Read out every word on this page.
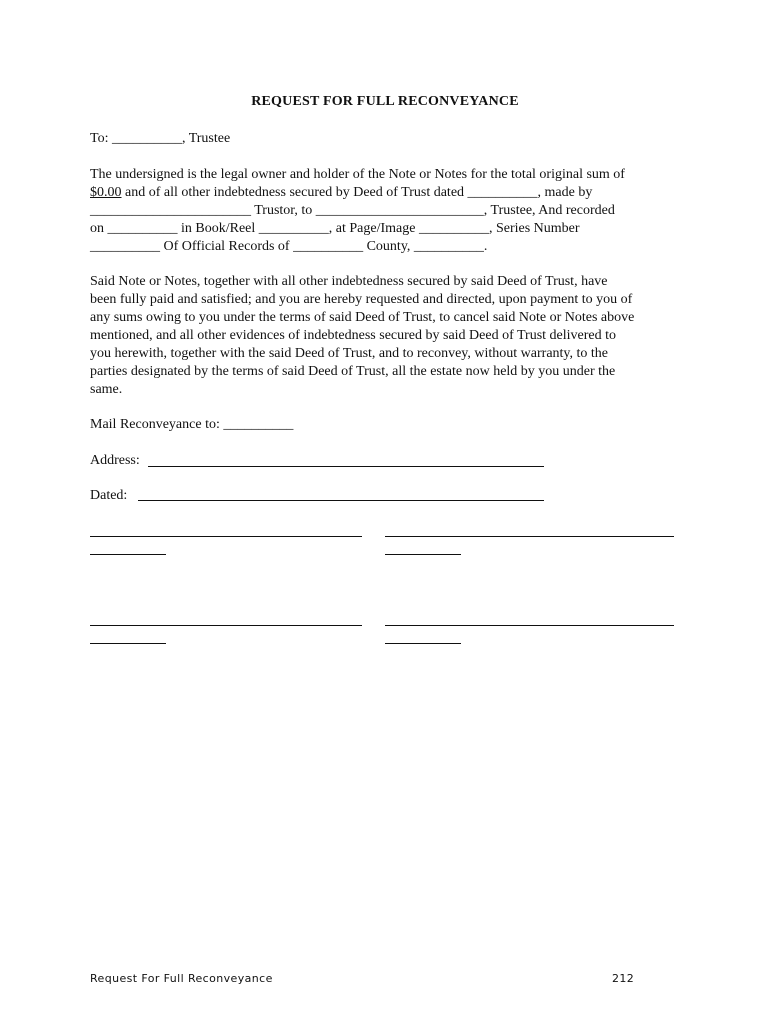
REQUEST FOR FULL RECONVEYANCE
To: __________, Trustee
The undersigned is the legal owner and holder of the Note or Notes for the total original sum of
$0.00 and of all other indebtedness secured by Deed of Trust dated __________, made by
_______________________ Trustor, to ________________________, Trustee, And recorded
on __________ in Book/Reel __________, at Page/Image __________, Series Number
__________ Of Official Records of __________ County, __________.
Said Note or Notes, together with all other indebtedness secured by said Deed of Trust, have
been fully paid and satisfied; and you are hereby requested and directed, upon payment to you of
any sums owing to you under the terms of said Deed of Trust, to cancel said Note or Notes above
mentioned, and all other evidences of indebtedness secured by said Deed of Trust delivered to
you herewith, together with the said Deed of Trust, and to reconvey, without warranty, to the
parties designated by the terms of said Deed of Trust, all the estate now held by you under the
same.
Mail Reconveyance to: __________
Address:
Dated:
Request For Full Reconveyance	212
